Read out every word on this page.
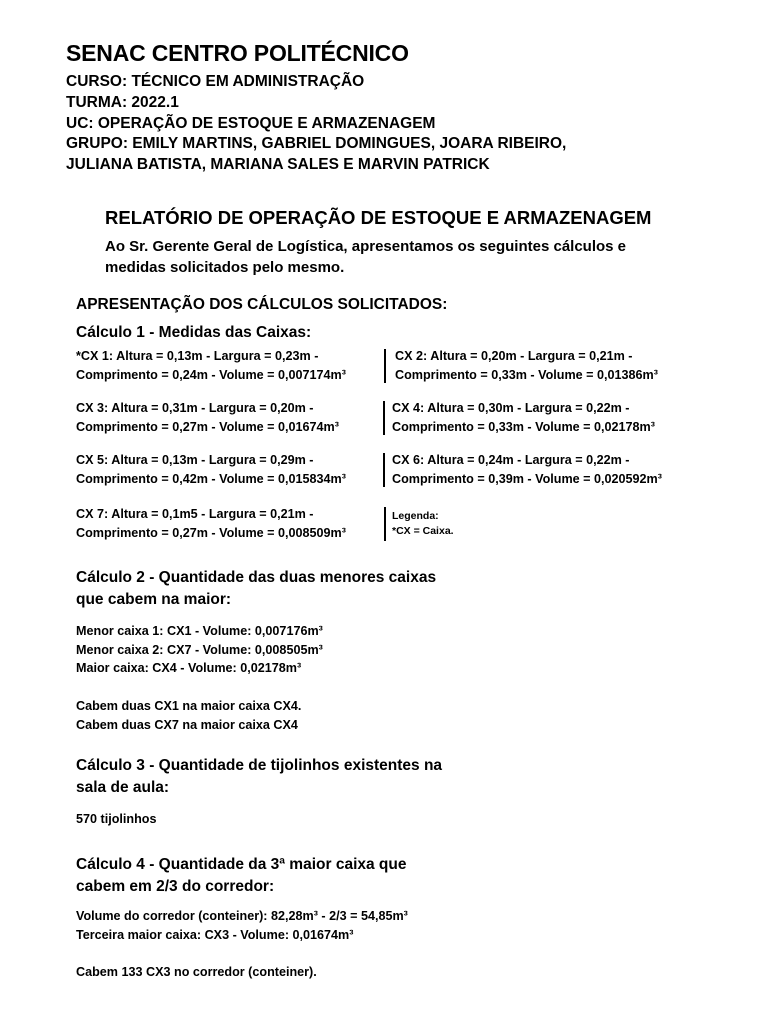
SENAC CENTRO POLITÉCNICO
CURSO: TÉCNICO EM ADMINISTRAÇÃO
TURMA: 2022.1
UC: OPERAÇÃO DE ESTOQUE E ARMAZENAGEM
GRUPO: EMILY MARTINS, GABRIEL DOMINGUES, JOARA RIBEIRO,
JULIANA BATISTA, MARIANA SALES E MARVIN PATRICK
RELATÓRIO DE OPERAÇÃO DE ESTOQUE E ARMAZENAGEM
Ao Sr. Gerente Geral de Logística, apresentamos os seguintes cálculos e
medidas solicitados pelo mesmo.
APRESENTAÇÃO DOS CÁLCULOS SOLICITADOS:
Cálculo 1 - Medidas das Caixas:
*CX 1: Altura = 0,13m - Largura = 0,23m -
Comprimento = 0,24m - Volume = 0,007174m³
CX 2: Altura = 0,20m - Largura = 0,21m -
Comprimento = 0,33m - Volume = 0,01386m³
CX 3: Altura = 0,31m - Largura = 0,20m -
Comprimento = 0,27m - Volume = 0,01674m³
CX 4: Altura = 0,30m - Largura = 0,22m -
Comprimento = 0,33m - Volume = 0,02178m³
CX 5: Altura = 0,13m - Largura = 0,29m -
Comprimento = 0,42m - Volume = 0,015834m³
CX 6: Altura = 0,24m - Largura = 0,22m -
Comprimento = 0,39m - Volume = 0,020592m³
CX 7: Altura = 0,1m5 - Largura = 0,21m -
Comprimento = 0,27m - Volume = 0,008509m³
Legenda:
*CX = Caixa.
Cálculo 2 - Quantidade das duas menores caixas
que cabem na maior:
Menor caixa 1: CX1 - Volume: 0,007176m³
Menor caixa 2: CX7 - Volume: 0,008505m³
Maior caixa: CX4 - Volume: 0,02178m³
Cabem duas CX1 na maior caixa CX4.
Cabem duas CX7 na maior caixa CX4
Cálculo 3 - Quantidade de tijolinhos existentes na
sala de aula:
570 tijolinhos
Cálculo 4 - Quantidade da 3ª maior caixa que
cabem em 2/3 do corredor:
Volume do corredor (conteiner): 82,28m³ - 2/3 = 54,85m³
Terceira maior caixa: CX3 - Volume: 0,01674m³
Cabem 133 CX3 no corredor (conteiner).
